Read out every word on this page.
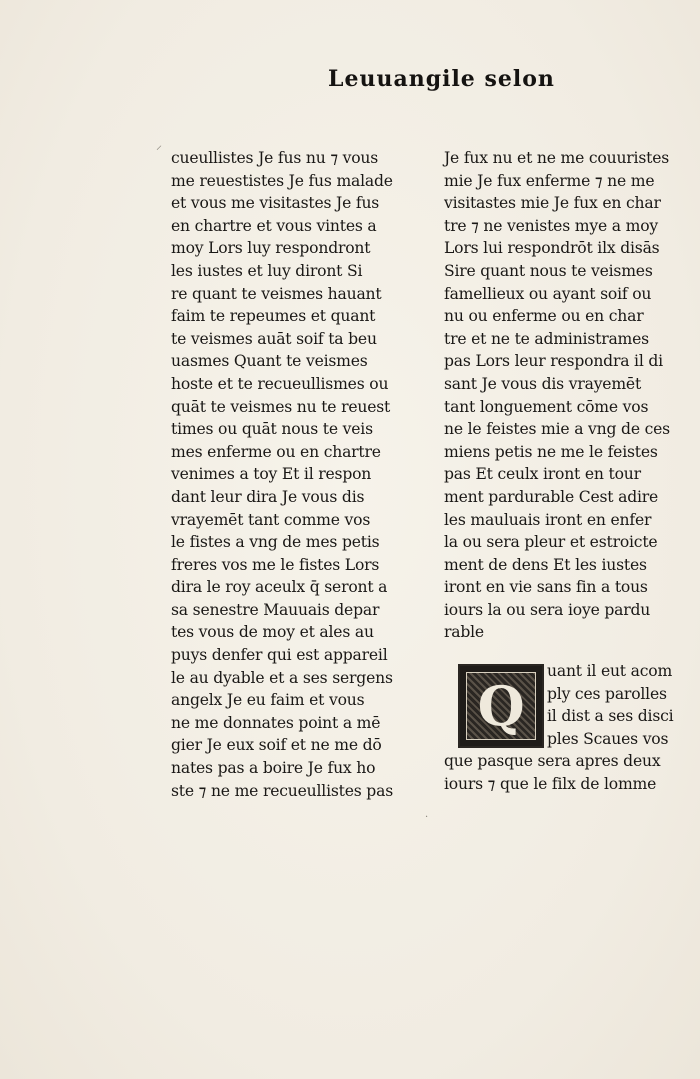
Leuuangile selon
⸝
cueullistes Je fus nu ⁊ vous
me reuestistes Je fus malade
et vous me visitastes Je fus
en chartre et vous vintes a
moy Lors luy respondront
les iustes et luy diront Si
re quant te veismes hauant
faim te repeumes et quant
te veismes auāt soif ta beu
uasmes Quant te veismes
hoste et te recueullismes ou
quāt te veismes nu te reuest
times ou quāt nous te veis
mes enferme ou en chartre
venimes a toy Et il respon
dant leur dira Je vous dis
vrayemēt tant comme vos
le fistes a vng de mes petis
freres vos me le fistes Lors
dira le roy aceulx q̄ seront a
sa senestre Mauuais depar
tes vous de moy et ales au
puys denfer qui est appareil
le au dyable et a ses sergens
angelx Je eu faim et vous
ne me donnates point a mē
gier Je eux soif et ne me dō
nates pas a boire Je fux ho
ste ⁊ ne me recueullistes pas
Je fux nu et ne me couuristes
mie Je fux enferme ⁊ ne me
visitastes mie Je fux en char
tre ⁊ ne venistes mye a moy
Lors lui respondrōt ilx disās
Sire quant nous te veismes
famellieux ou ayant soif ou
nu ou enferme ou en char
tre et ne te administrames
pas Lors leur respondra il di
sant Je vous dis vrayemēt
tant longuement cōme vos
ne le feistes mie a vng de ces
miens petis ne me le feistes
pas Et ceulx iront en tour
ment pardurable Cest adire
les mauluais iront en enfer
la ou sera pleur et estroicte
ment de dens Et les iustes
iront en vie sans fin a tous
iours la ou sera ioye pardu
rable
Q
uant il eut acom
ply ces parolles
il dist a ses disci
ples Scaues vos
que pasque sera apres deux
iours ⁊ que le filx de lomme
·
